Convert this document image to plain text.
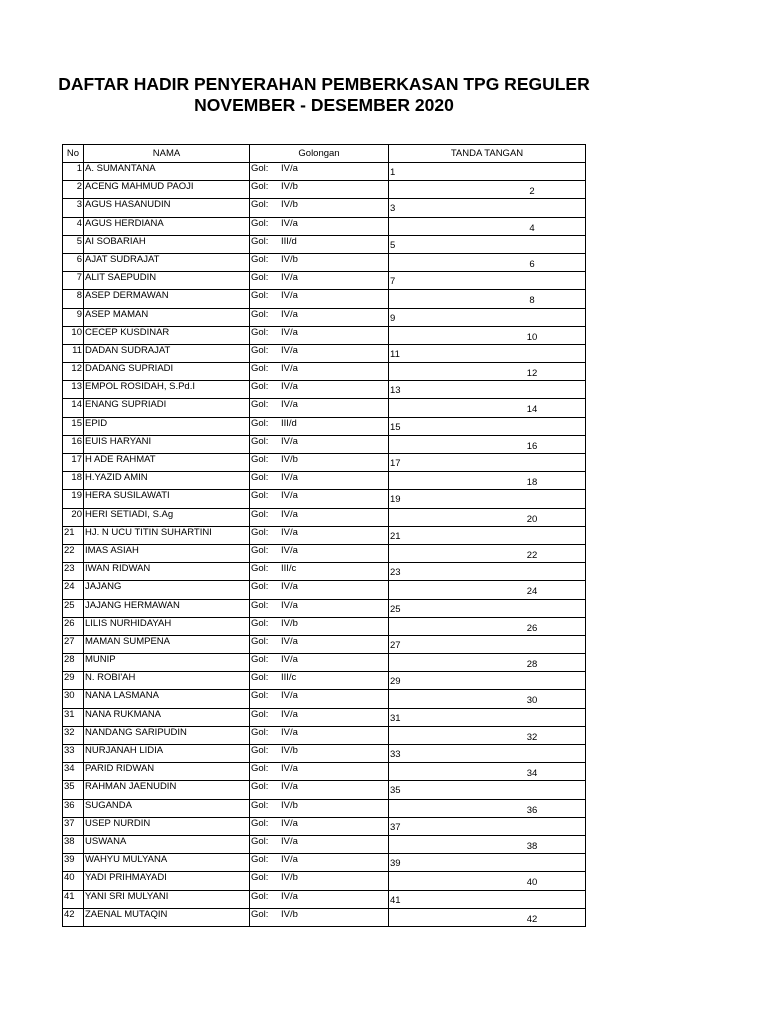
DAFTAR HADIR PENYERAHAN PEMBERKASAN TPG REGULER
NOVEMBER - DESEMBER 2020
No	NAMA	Golongan	TANDA TANGAN
1	A. SUMANTANA	Gol: IV/a	1

2	ACENG MAHMUD PAOJI	Gol: IV/b	2

3	AGUS HASANUDIN	Gol: IV/b	3

4	AGUS HERDIANA	Gol: IV/a	4

5	AI SOBARIAH	Gol: III/d	5

6	AJAT SUDRAJAT	Gol: IV/b	6

7	ALIT SAEPUDIN	Gol: IV/a	7

8	ASEP DERMAWAN	Gol: IV/a	8

9	ASEP MAMAN	Gol: IV/a	9

10	CECEP KUSDINAR	Gol: IV/a	10

11	DADAN SUDRAJAT	Gol: IV/a	11

12	DADANG SUPRIADI	Gol: IV/a	12

13	EMPOL ROSIDAH, S.Pd.I	Gol: IV/a	13

14	ENANG SUPRIADI	Gol: IV/a	14

15	EPID	Gol: III/d	15

16	EUIS HARYANI	Gol: IV/a	16

17	H ADE RAHMAT	Gol: IV/b	17

18	H.YAZID AMIN	Gol: IV/a	18

19	HERA SUSILAWATI	Gol: IV/a	19

20	HERI SETIADI, S.Ag	Gol: IV/a	20

21	HJ. N UCU TITIN SUHARTINI	Gol: IV/a	21

22	IMAS ASIAH	Gol: IV/a	22

23	IWAN RIDWAN	Gol: III/c	23

24	JAJANG	Gol: IV/a	24

25	JAJANG HERMAWAN	Gol: IV/a	25

26	LILIS NURHIDAYAH	Gol: IV/b	26

27	MAMAN SUMPENA	Gol: IV/a	27

28	MUNIP	Gol: IV/a	28

29	N. ROBI'AH	Gol: III/c	29

30	NANA LASMANA	Gol: IV/a	30

31	NANA RUKMANA	Gol: IV/a	31

32	NANDANG SARIPUDIN	Gol: IV/a	32

33	NURJANAH LIDIA	Gol: IV/b	33

34	PARID RIDWAN	Gol: IV/a	34

35	RAHMAN JAENUDIN	Gol: IV/a	35

36	SUGANDA	Gol: IV/b	36

37	USEP NURDIN	Gol: IV/a	37

38	USWANA	Gol: IV/a	38

39	WAHYU MULYANA	Gol: IV/a	39

40	YADI PRIHMAYADI	Gol: IV/b	40

41	YANI SRI MULYANI	Gol: IV/a	41

42	ZAENAL MUTAQIN	Gol: IV/b	42
